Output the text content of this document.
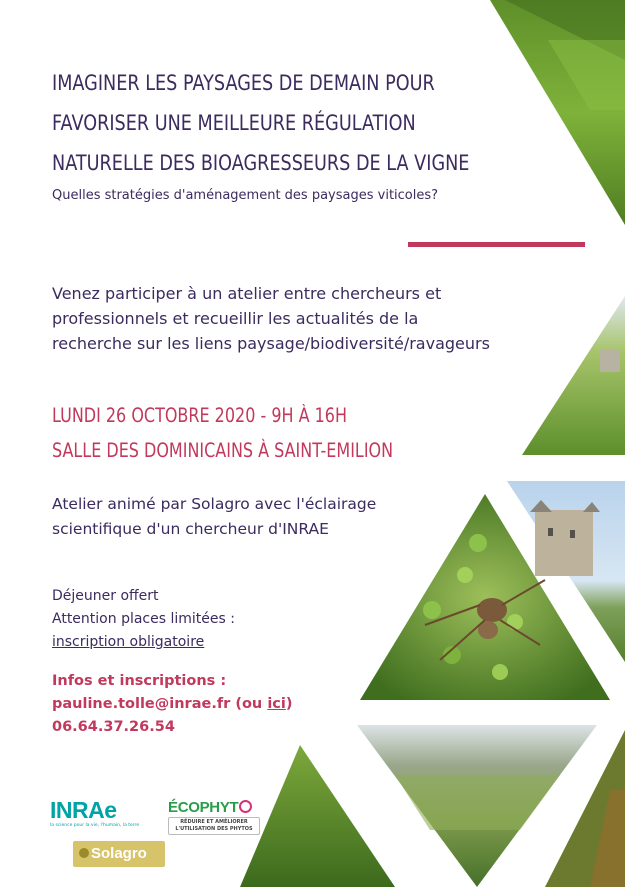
IMAGINER LES PAYSAGES DE DEMAIN POUR
FAVORISER UNE MEILLEURE RÉGULATION
NATURELLE DES BIOAGRESSEURS DE LA VIGNE
Quelles stratégies d'aménagement des paysages viticoles?
Venez participer à un atelier entre chercheurs et
professionnels et recueillir les actualités de la
recherche sur les liens paysage/biodiversité/ravageurs
LUNDI 26 OCTOBRE 2020 - 9H À 16H
SALLE DES DOMINICAINS À SAINT-EMILION
Atelier animé par Solagro avec l'éclairage
scientifique d'un chercheur d'INRAE
Déjeuner offert
Attention places limitées :
inscription obligatoire
Infos et inscriptions :
pauline.tolle@inrae.fr (ou ici)
06.64.37.26.54
INRAe
la science pour la vie, l'humain, la terre
ÉCOPHYT
RÉDUIRE ET AMÉLIORER
L'UTILISATION DES PHYTOS
Solagro
